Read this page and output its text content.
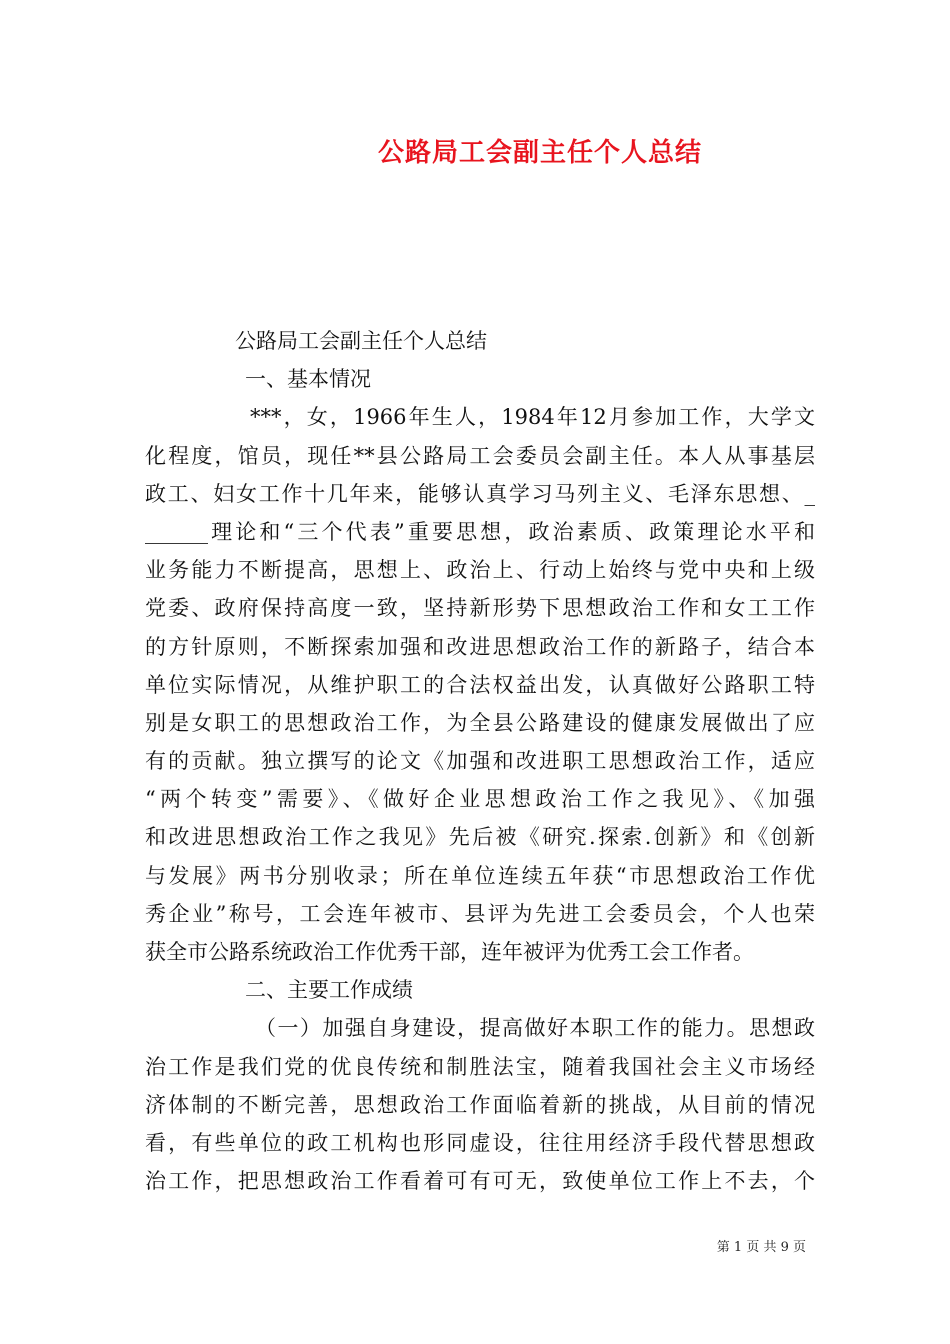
公路局工会副主任个人总结
公路局工会副主任个人总结
一、基本情况
***，女，1966年生人，1984年12月参加工作，大学文
化程度，馆员，现任**县公路局工会委员会副主任。本人从事基层
政工、妇女工作十几年来，能够认真学习马列主义、毛泽东思想、_
______理论和“三个代表”重要思想，政治素质、政策理论水平和
业务能力不断提高，思想上、政治上、行动上始终与党中央和上级
党委、政府保持高度一致，坚持新形势下思想政治工作和女工工作
的方针原则，不断探索加强和改进思想政治工作的新路子，结合本
单位实际情况，从维护职工的合法权益出发，认真做好公路职工特
别是女职工的思想政治工作，为全县公路建设的健康发展做出了应
有的贡献。独立撰写的论文《加强和改进职工思想政治工作，适应
“两个转变”需要》、《做好企业思想政治工作之我见》、《加强
和改进思想政治工作之我见》先后被《研究.探索.创新》和《创新
与发展》两书分别收录；所在单位连续五年获“市思想政治工作优
秀企业”称号，工会连年被市、县评为先进工会委员会，个人也荣
获全市公路系统政治工作优秀干部，连年被评为优秀工会工作者。
二、主要工作成绩
（一）加强自身建设，提高做好本职工作的能力。思想政
治工作是我们党的优良传统和制胜法宝，随着我国社会主义市场经
济体制的不断完善，思想政治工作面临着新的挑战，从目前的情况
看，有些单位的政工机构也形同虚设，往往用经济手段代替思想政
治工作，把思想政治工作看着可有可无，致使单位工作上不去，个
第 1 页 共 9 页
